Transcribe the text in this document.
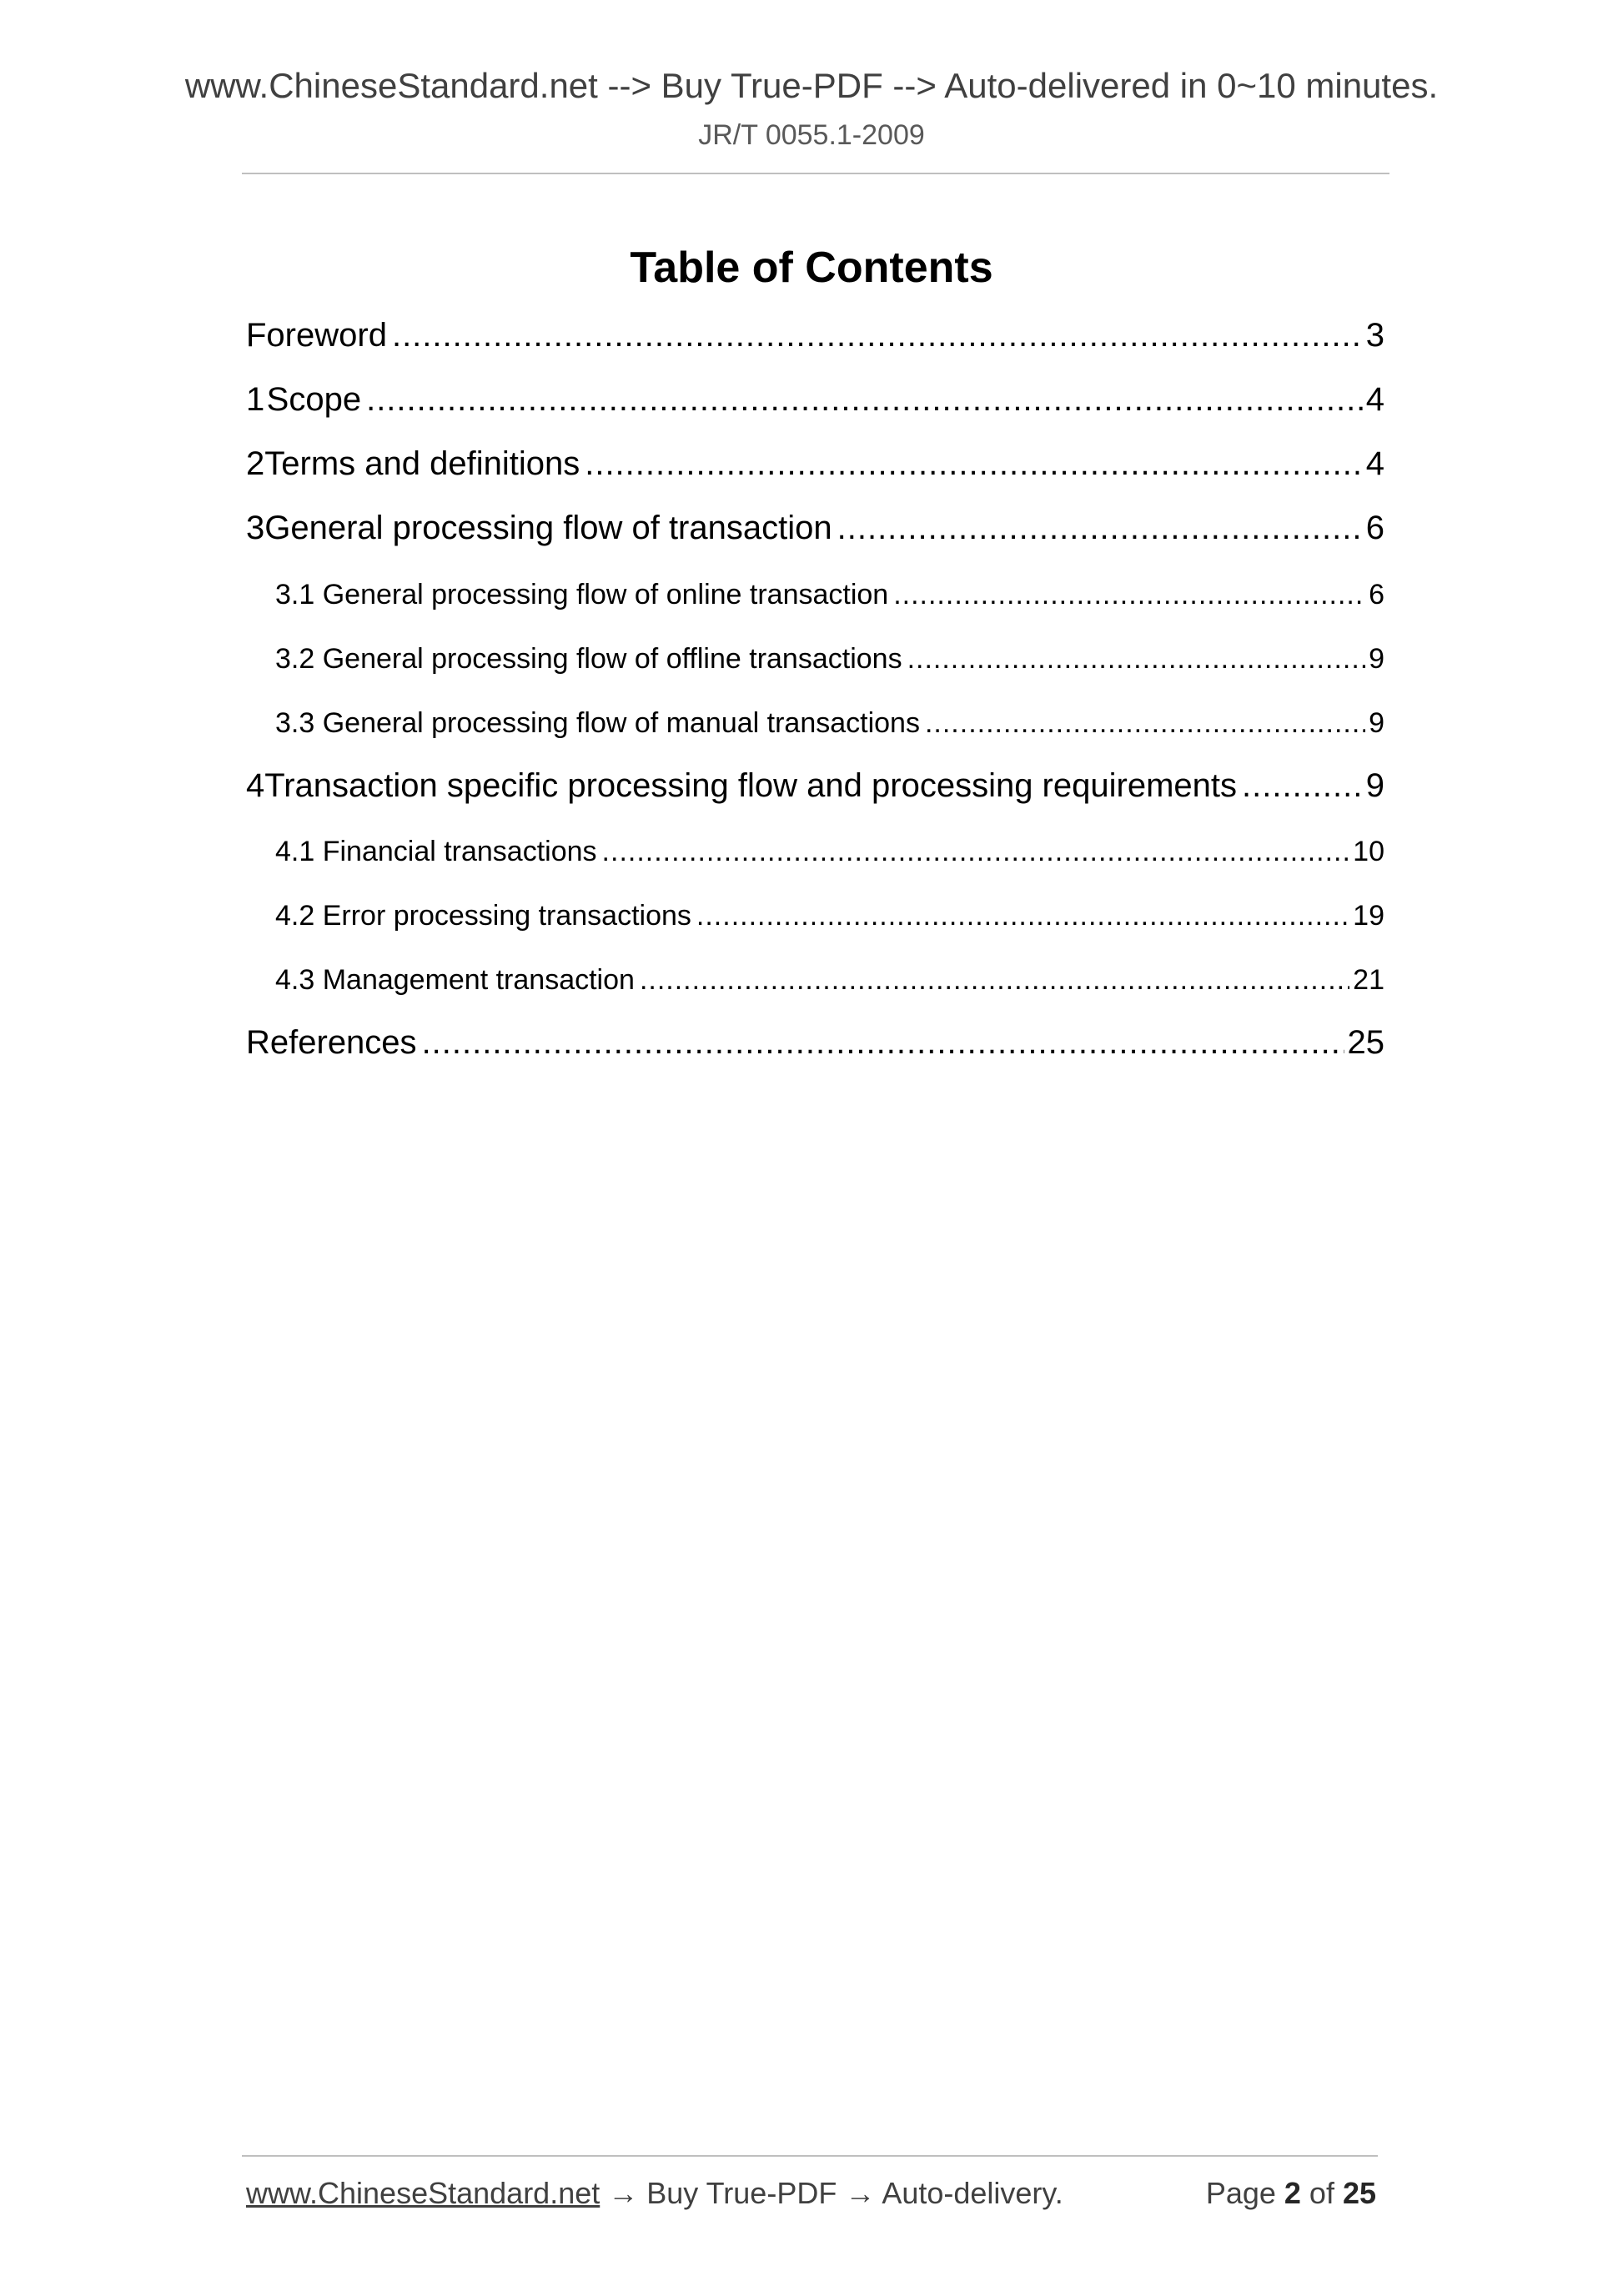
www.ChineseStandard.net --> Buy True-PDF --> Auto-delivered in 0~10 minutes.
JR/T 0055.1-2009
Table of Contents
Foreword .....	3
1 Scope .....	4
2 Terms and definitions .....	4
3 General processing flow of transaction .....	6
3.1 General processing flow of online transaction .....	6
3.2 General processing flow of offline transactions .....	9
3.3 General processing flow of manual transactions .....	9
4 Transaction specific processing flow and processing requirements .....	9
4.1 Financial transactions .....	10
4.2 Error processing transactions .....	19
4.3 Management transaction .....	21
References .....	25
www.ChineseStandard.net → Buy True-PDF → Auto-delivery.	Page 2 of 25
